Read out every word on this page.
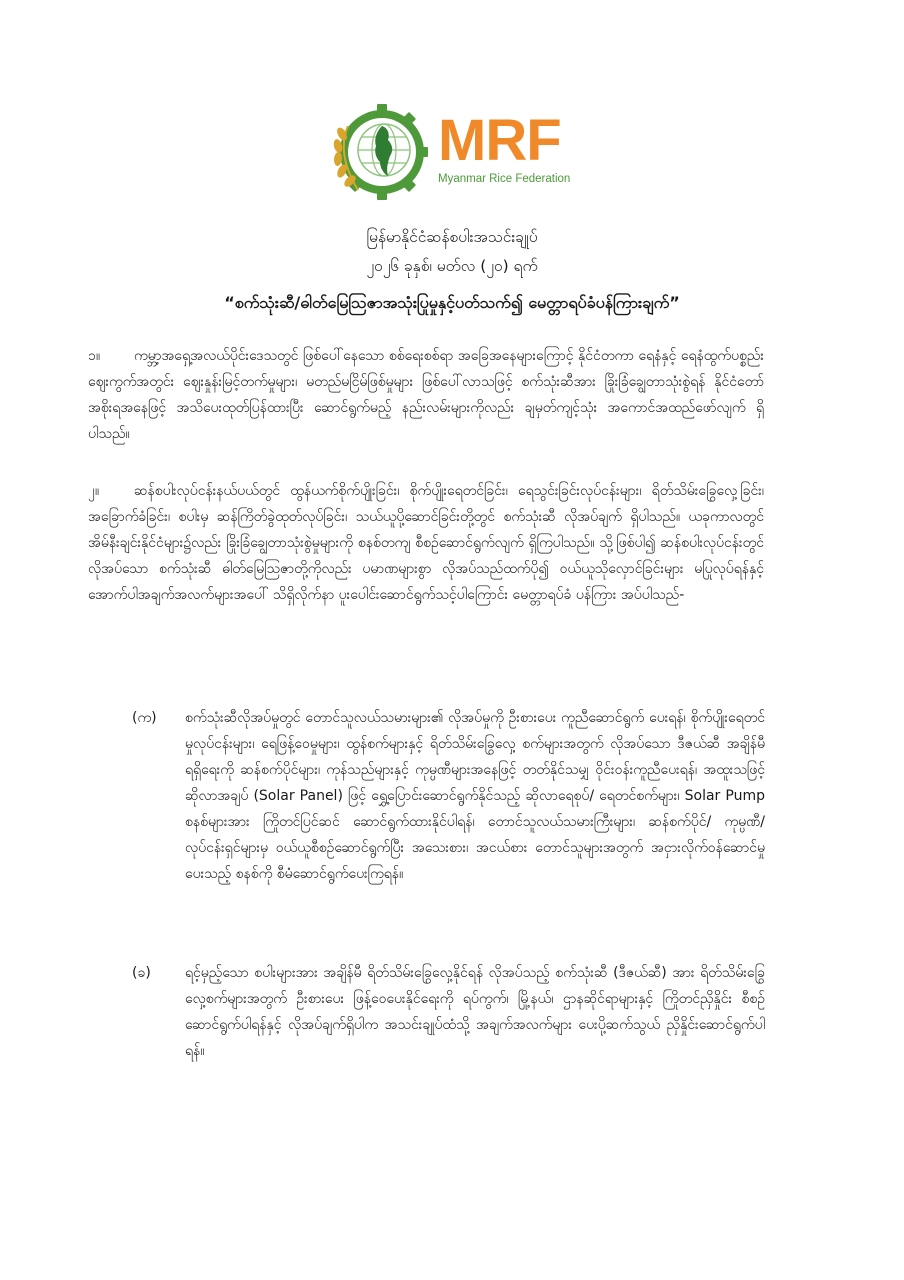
MRF
Myanmar Rice Federation
မြန်မာနိုင်ငံဆန်စပါးအသင်းချုပ်
၂၀၂၆ ခုနှစ်၊ မတ်လ (၂၀) ရက်
“စက်သုံးဆီ/ဓါတ်မြေဩဇာအသုံးပြုမှုနှင့်ပတ်သက်၍ မေတ္တာရပ်ခံပန်ကြားချက်”
၁။	ကမ္ဘာ့အရှေ့အလယ်ပိုင်းဒေသတွင် ဖြစ်ပေါ်နေသော စစ်ရေးစစ်ရာ အခြေအနေများကြောင့် နိုင်ငံတကာ ရေနံနှင့် ရေနံထွက်ပစ္စည်း ဈေးကွက်အတွင်း ဈေးနှုန်းမြင့်တက်မှုများ၊ မတည်မငြိမ်ဖြစ်မှုများ ဖြစ်ပေါ်လာသဖြင့် စက်သုံးဆီအား ခြိုးခြံချွေတာသုံးစွဲရန် နိုင်ငံတော်အစိုးရအနေဖြင့် အသိပေးထုတ်ပြန်ထားပြီး ဆောင်ရွက်မည့် နည်းလမ်းများကိုလည်း ချမှတ်ကျင့်သုံး အကောင်အထည်ဖော်လျက် ရှိပါသည်။
၂။	ဆန်စပါးလုပ်ငန်းနယ်ပယ်တွင် ထွန်ယက်စိုက်ပျိုးခြင်း၊ စိုက်ပျိုးရေတင်ခြင်း၊ ရေသွင်းခြင်းလုပ်ငန်းများ၊ ရိတ်သိမ်းခြွေလှေ့ခြင်း၊ အခြောက်ခံခြင်း၊ စပါးမှ ဆန်ကြိတ်ခွဲထုတ်လုပ်ခြင်း၊ သယ်ယူပို့ဆောင်ခြင်းတို့တွင် စက်သုံးဆီ လိုအပ်ချက် ရှိပါသည်။ ယခုကာလတွင် အိမ်နီးချင်းနိုင်ငံများ၌လည်း ခြိုးခြံချွေတာသုံးစွဲမှုများကို စနစ်တကျ စီစဉ်ဆောင်ရွက်လျက် ရှိကြပါသည်။ သို့ဖြစ်ပါ၍ ဆန်စပါးလုပ်ငန်းတွင် လိုအပ်သော စက်သုံးဆီ ဓါတ်မြေဩဇာတို့ကိုလည်း ပမာဏများစွာ လိုအပ်သည်ထက်ပို၍ ဝယ်ယူသိုလှောင်ခြင်းများ မပြုလုပ်ရန်နှင့် အောက်ပါအချက်အလက်များအပေါ် သိရှိလိုက်နာ ပူးပေါင်းဆောင်ရွက်သင့်ပါကြောင်း မေတ္တာရပ်ခံ ပန်ကြား အပ်ပါသည်-
(က) စက်သုံးဆီလိုအပ်မှုတွင် တောင်သူလယ်သမားများ၏ လိုအပ်မှုကို ဦးစားပေး ကူညီဆောင်ရွက် ပေးရန်၊ စိုက်ပျိုးရေတင်မှုလုပ်ငန်းများ၊ ရေဖြန့်ဝေမှုများ၊ ထွန်စက်များနှင့် ရိတ်သိမ်းခြွေလှေ့ စက်များအတွက် လိုအပ်သော ဒီဇယ်ဆီ အချိန်မီရရှိရေးကို ဆန်စက်ပိုင်များ၊ ကုန်သည်များနှင့် ကုမ္ပဏီများအနေဖြင့် တတ်နိုင်သမျှ ဝိုင်းဝန်းကူညီပေးရန်၊ အထူးသဖြင့် ဆိုလာအချပ် (Solar Panel) ဖြင့် ရွှေ့ပြောင်းဆောင်ရွက်နိုင်သည့် ဆိုလာရေစုပ်/ ရေတင်စက်များ၊ Solar Pump စနစ်များအား ကြိုတင်ပြင်ဆင် ဆောင်ရွက်ထားနိုင်ပါရန်၊ တောင်သူလယ်သမားကြီးများ၊ ဆန်စက်ပိုင်/ ကုမ္ပဏီ/ လုပ်ငန်းရှင်များမှ ဝယ်ယူစီစဉ်ဆောင်ရွက်ပြီး အသေးစား၊ အငယ်စား တောင်သူများအတွက် အငှားလိုက်ဝန်ဆောင်မှုပေးသည့် စနစ်ကို စီမံဆောင်ရွက်ပေးကြရန်။
(ခ) ရင့်မှည့်သော စပါးများအား အချိန်မီ ရိတ်သိမ်းခြွေလှေ့နိုင်ရန် လိုအပ်သည့် စက်သုံးဆီ (ဒီဇယ်ဆီ) အား ရိတ်သိမ်းခြွေလှေ့စက်များအတွက် ဦးစားပေး ဖြန့်ဝေပေးနိုင်ရေးကို ရပ်ကွက်၊ မြို့နယ်၊ ဌာနဆိုင်ရာများနှင့် ကြိုတင်ညှိနှိုင်း စီစဉ်ဆောင်ရွက်ပါရန်နှင့် လိုအပ်ချက်ရှိပါက အသင်းချုပ်ထံသို့ အချက်အလက်များ ပေးပို့ဆက်သွယ် ညှိနှိုင်းဆောင်ရွက်ပါရန်။
